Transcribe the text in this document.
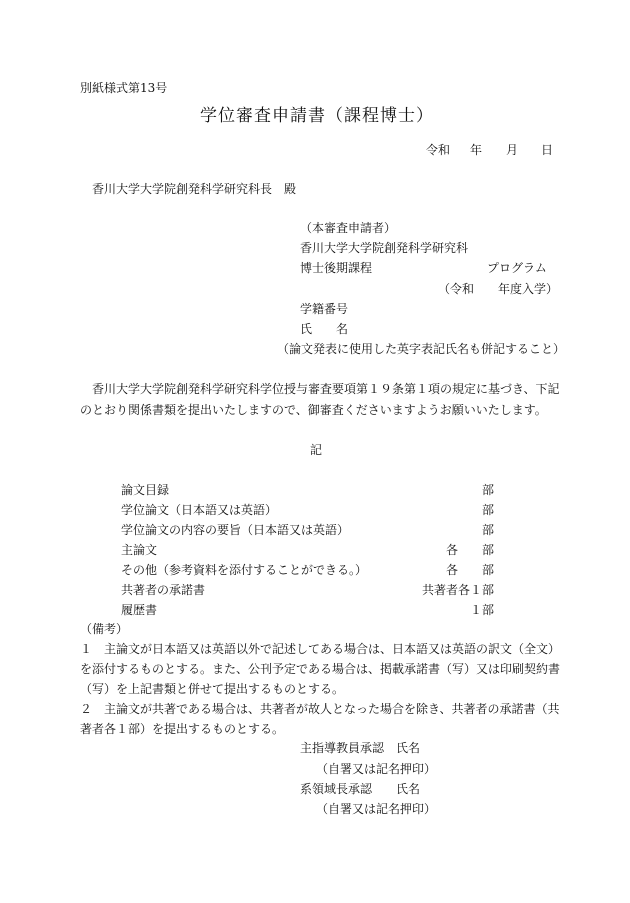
別紙様式第13号
学位審査申請書（課程博士）
令和 年 月 日
香川大学大学院創発科学研究科長　殿
（本審査申請者）
香川大学大学院創発科学研究科
博士後期課程	プログラム
（令和　　年度入学）
学籍番号
氏　　名
（論文発表に使用した英字表記氏名も併記すること）
香川大学大学院創発科学研究科学位授与審査要項第１９条第１項の規定に基づき、下記
のとおり関係書類を提出いたしますので、御審査くださいますようお願いいたします。
記
論文目録	部
学位論文（日本語又は英語）	部
学位論文の内容の要旨（日本語又は英語）	部
主論文	各　　部
その他（参考資料を添付することができる。）	各　　部
共著者の承諾書	共著者各１部
履歴書	１部
（備考）
１　主論文が日本語又は英語以外で記述してある場合は、日本語又は英語の訳文（全文）
を添付するものとする。また、公刊予定である場合は、掲載承諾書（写）又は印刷契約書
（写）を上記書類と併せて提出するものとする。
２　主論文が共著である場合は、共著者が故人となった場合を除き、共著者の承諾書（共
著者各１部）を提出するものとする。
主指導教員承認　氏名
（自署又は記名押印）
系領域長承認　　氏名
（自署又は記名押印）
